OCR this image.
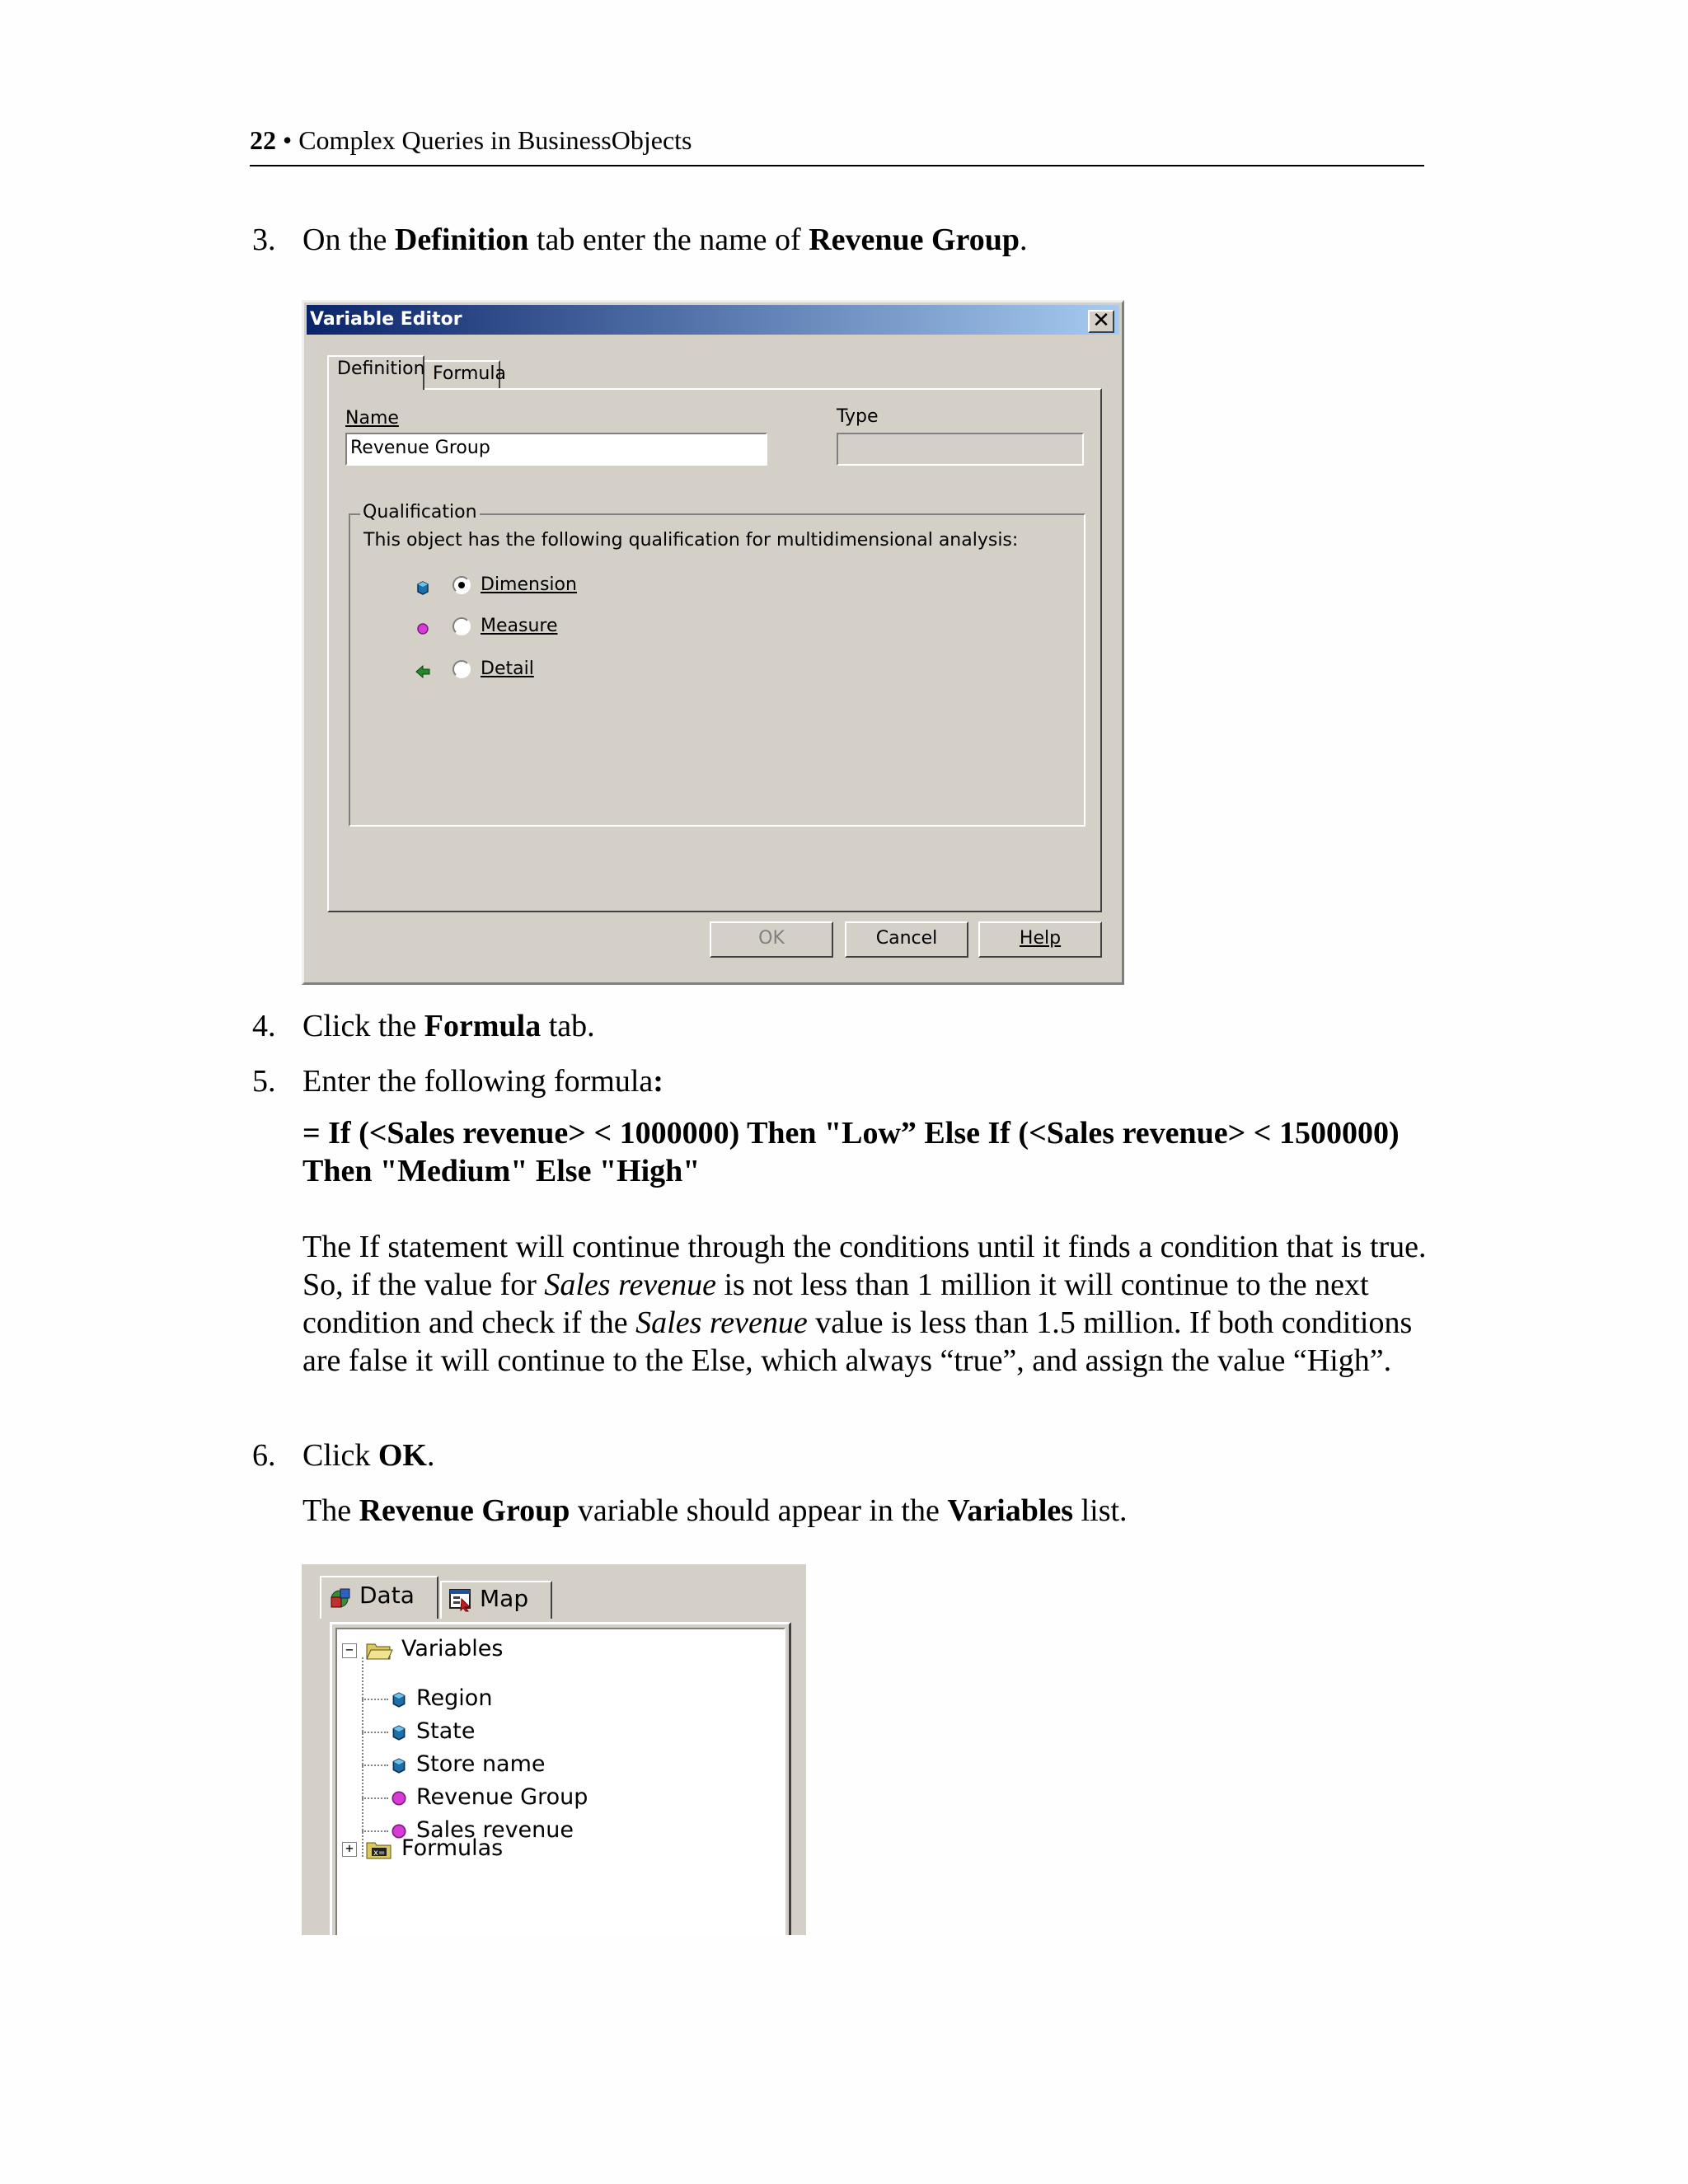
22 • Complex Queries in BusinessObjects
3. On the Definition tab enter the name of Revenue Group.
Variable Editor	✕
Definition Formula
Name
Revenue Group
Type
Qualification
This object has the following qualification for multidimensional analysis:
Dimension
Measure
Detail
OK	Cancel	Help
4. Click the Formula tab.
5. Enter the following formula:
= If (<Sales revenue> < 1000000) Then "Low” Else If (<Sales revenue> < 1500000) Then "Medium" Else "High"
The If statement will continue through the conditions until it finds a condition that is true. So, if the value for Sales revenue is not less than 1 million it will continue to the next condition and check if the Sales revenue value is less than 1.5 million. If both conditions are false it will continue to the Else, which always “true”, and assign the value “High”.
6. Click OK.
The Revenue Group variable should appear in the Variables list.
Data	Map
−	Variables
Region
State
Store name
Revenue Group
Sales revenue
+	x= Formulas
